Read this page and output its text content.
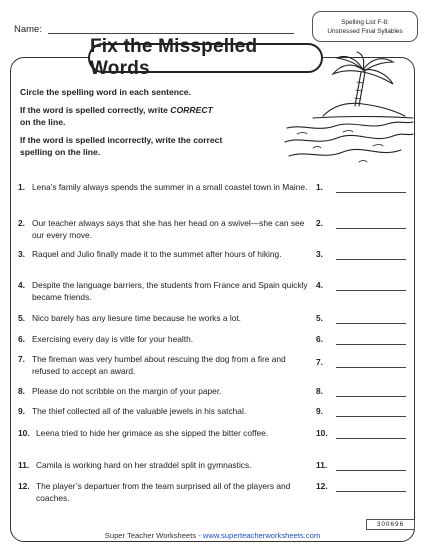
Name:
Spelling List F-8:
Unstressed Final Syllables
Fix the Misspelled Words
Circle the spelling word in each sentence.
If the word is spelled correctly, write CORRECT
on the line.
If the word is spelled incorrectly, write the correct
spelling on the line.
1. Lena’s family always spends the summer in a small coastel town in Maine.
2. Our teacher always says that she has her head on a swivel—she can see our every move.
3. Raquel and Julio finally made it to the summet after hours of hiking.
4. Despite the language barriers, the students from France and Spain quickly became friends.
5. Nico barely has any liesure time because he works a lot.
6. Exercising every day is vitle for your health.
7. The fireman was very humbel about rescuing the dog from a fire and refused to accept an award.
8. Please do not scribble on the margin of your paper.
9. The thief collected all of the valuable jewels in his satchal.
10. Leena tried to hide her grimace as she sipped the bitter coffee.
11. Camila is working hard on her straddel split in gymnastics.
12. The player’s departuer from the team surprised all of the players and coaches.
1.
2.
3.
4.
5.
6.
7.
8.
9.
10.
11.
12.
300696
Super Teacher Worksheets - www.superteacherworksheets.com
